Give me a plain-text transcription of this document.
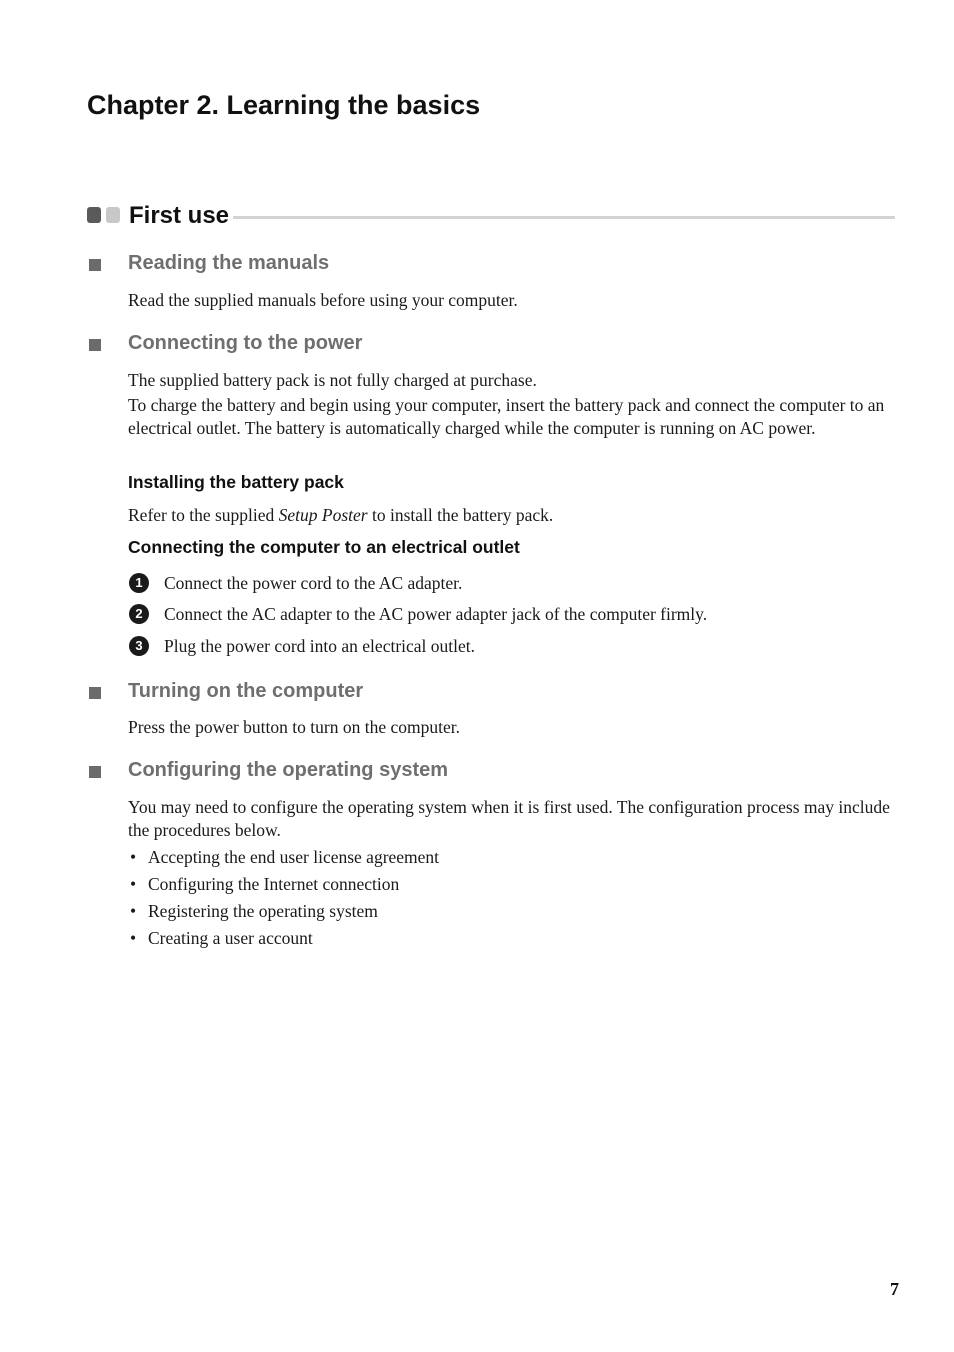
Chapter 2. Learning the basics
First use
Reading the manuals

Read the supplied manuals before using your computer.

Connecting to the power

The supplied battery pack is not fully charged at purchase.

To charge the battery and begin using your computer, insert the battery pack and connect the computer to an electrical outlet. The battery is automatically charged while the computer is running on AC power.

Installing the battery pack

Refer to the supplied Setup Poster to install the battery pack.

Connecting the computer to an electrical outlet
1	Connect the power cord to the AC adapter.
2	Connect the AC adapter to the AC power adapter jack of the computer firmly.
3	Plug the power cord into an electrical outlet.
Turning on the computer

Press the power button to turn on the computer.

Configuring the operating system

You may need to configure the operating system when it is first used. The configuration process may include the procedures below.

• Accepting the end user license agreement
• Configuring the Internet connection
• Registering the operating system
• Creating a user account

7
